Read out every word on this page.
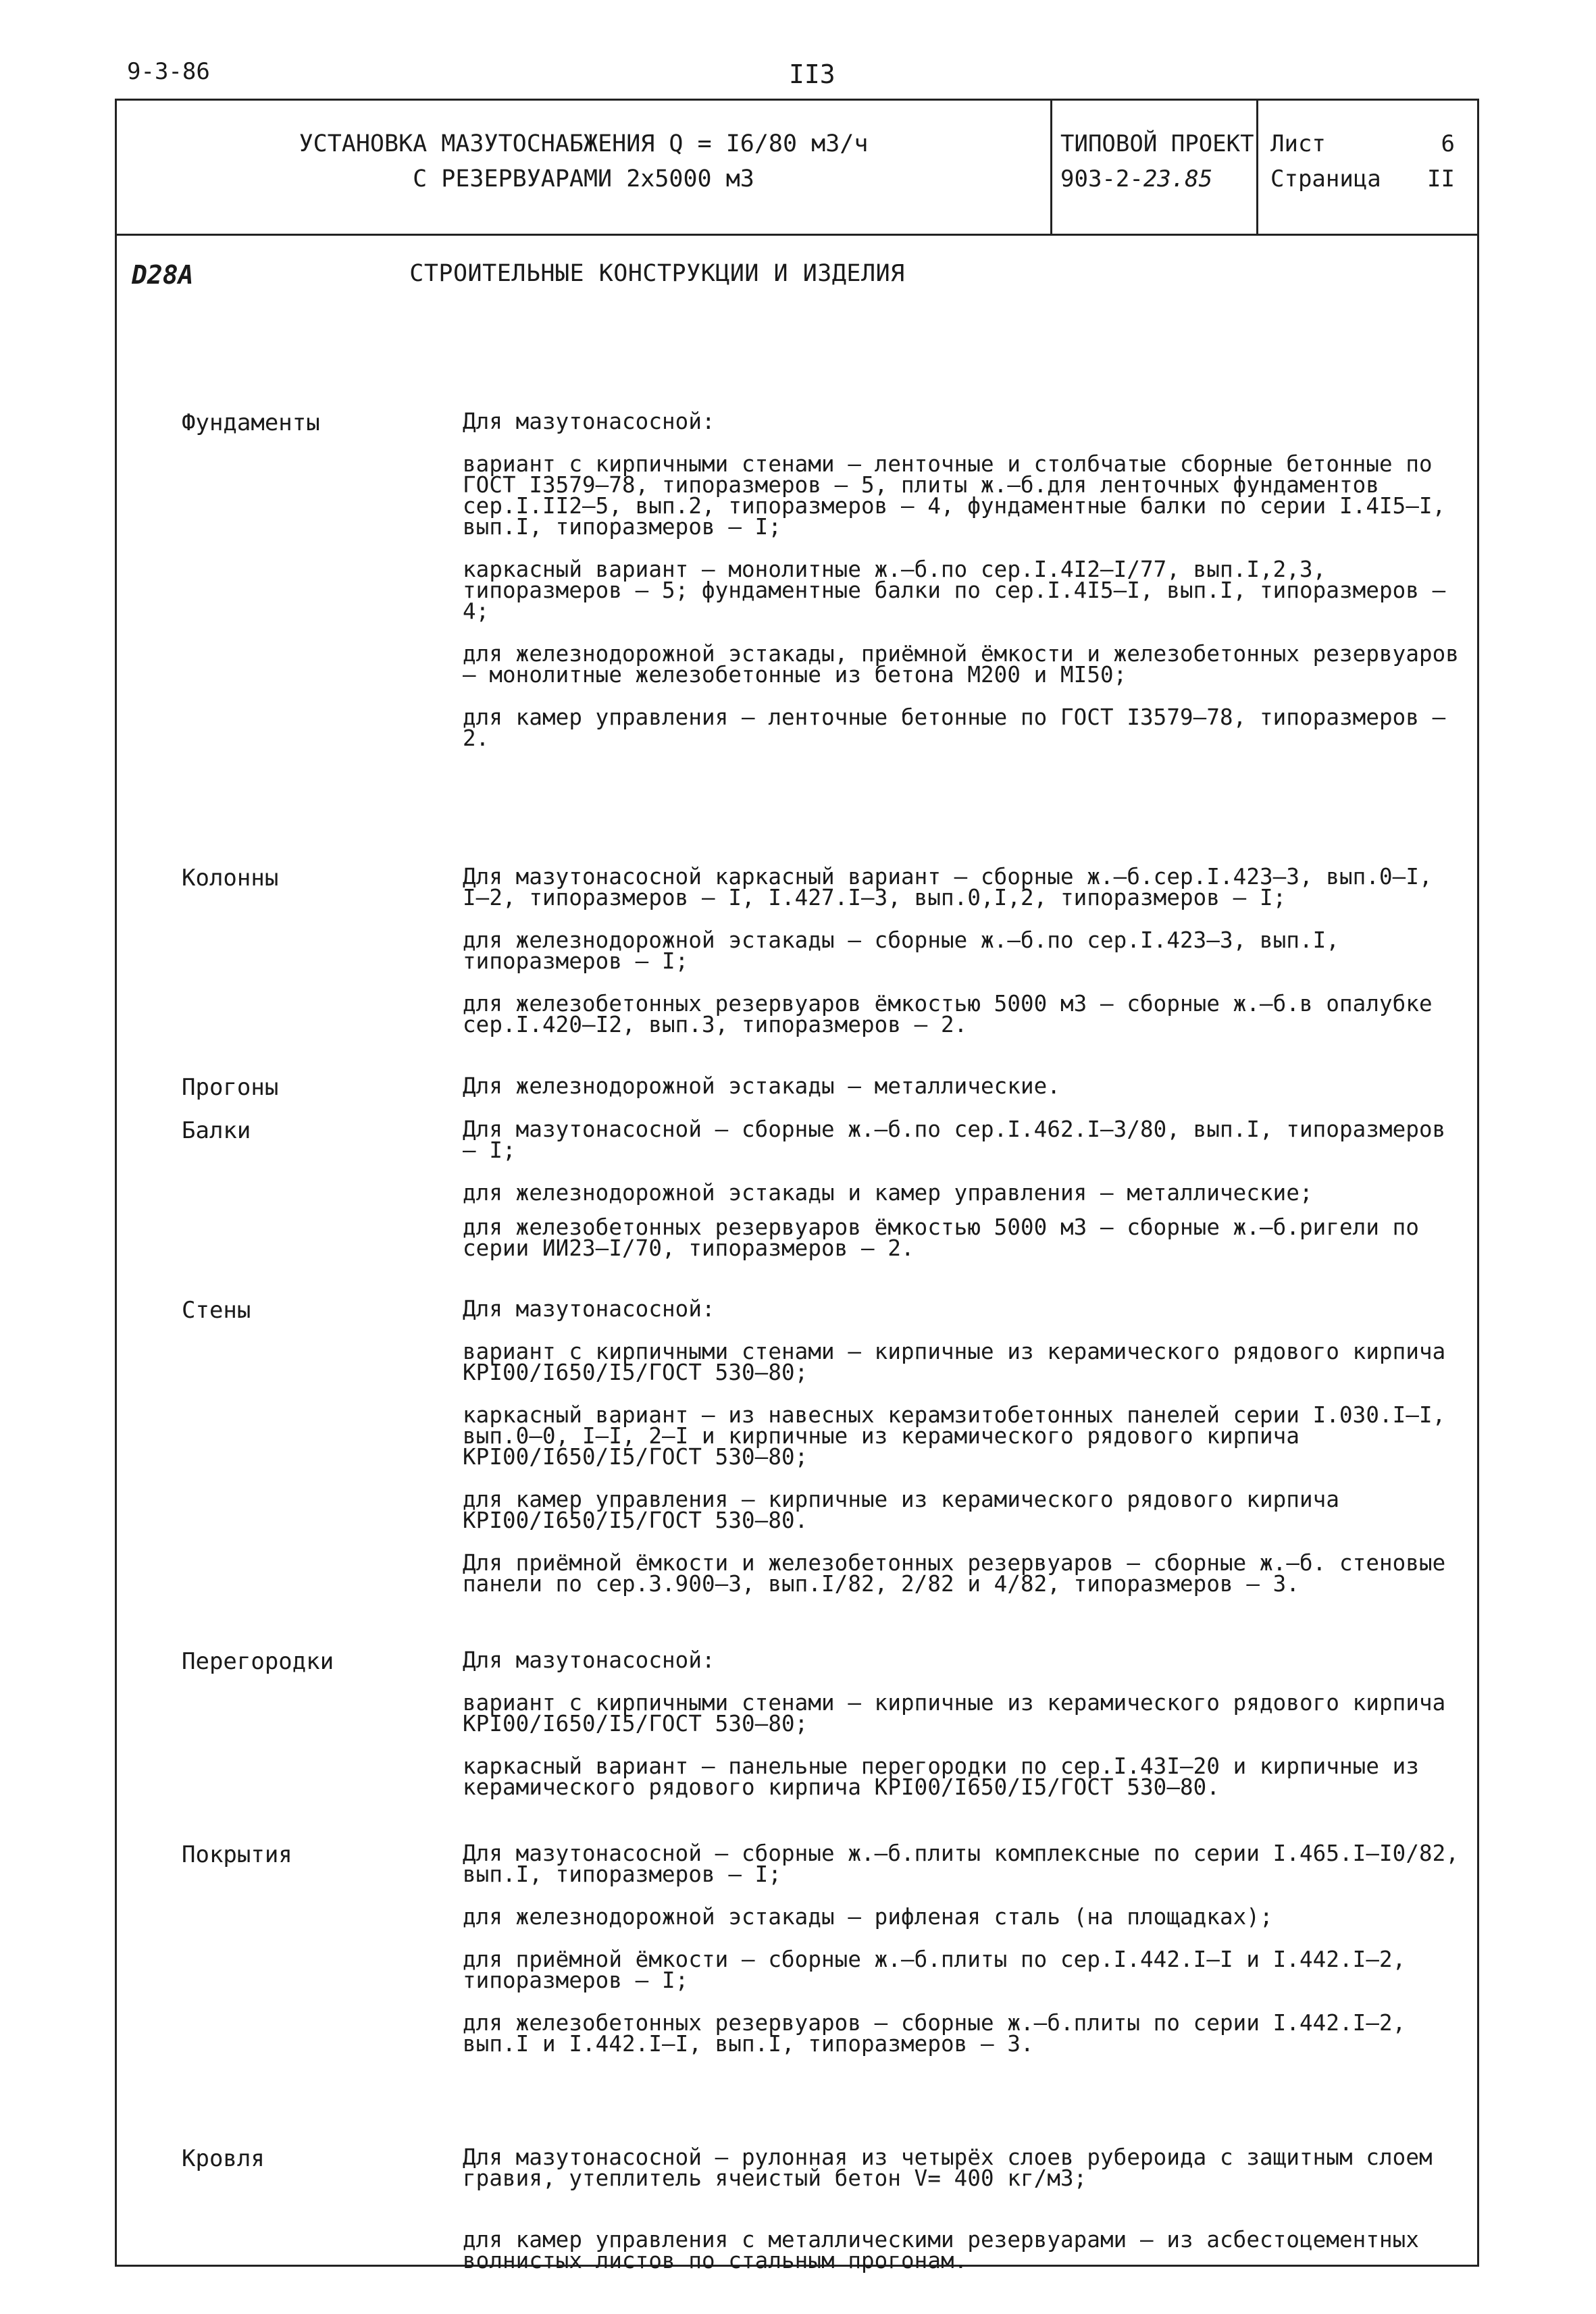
9-3-86	II3
УСТАНОВКА МАЗУТОСНАБЖЕНИЯ Q = I6/80 м3/ч
С РЕЗЕРВУАРАМИ 2х5000 м3
ТИПОВОЙ ПРОЕКТ
903-2-23.85
Лист	6
Страница II
D28A	СТРОИТЕЛЬНЫЕ КОНСТРУКЦИИ И ИЗДЕЛИЯ
Фундаменты	Для мазутонасосной:

вариант с кирпичными стенами – ленточные и столбчатые сборные бетонные по ГОСТ I3579–78, типоразмеров – 5, плиты ж.–б.для ленточных фундаментов сер.I.II2–5, вып.2, типоразмеров – 4, фундаментные балки по серии I.4I5–I, вып.I, типоразмеров – I;

каркасный вариант – монолитные ж.–б.по сер.I.4I2–I/77, вып.I,2,3, типоразмеров – 5; фундаментные балки по сер.I.4I5–I, вып.I, типоразмеров – 4;

для железнодорожной эстакады, приёмной ёмкости и железобетонных резервуаров – монолитные железобетонные из бетона M200 и MI50;

для камер управления – ленточные бетонные по ГОСТ I3579–78, типоразмеров – 2.

Колонны	Для мазутонасосной каркасный вариант – сборные ж.–б.сер.I.423–3, вып.0–I, I–2, типоразмеров – I, I.427.I–3, вып.0,I,2, типоразмеров – I;

для железнодорожной эстакады – сборные ж.–б.по сер.I.423–3, вып.I, типоразмеров – I;

для железобетонных резервуаров ёмкостью 5000 м3 – сборные ж.–б.в опалубке сер.I.420–I2, вып.3, типоразмеров – 2.

Прогоны	Для железнодорожной эстакады – металлические.

Балки	Для мазутонасосной – сборные ж.–б.по сер.I.462.I–3/80, вып.I, типоразмеров – I;

для железнодорожной эстакады и камер управления – металлические;

для железобетонных резервуаров ёмкостью 5000 м3 – сборные ж.–б.ригели по серии ИИ23–I/70, типоразмеров – 2.

Стены	Для мазутонасосной:

вариант с кирпичными стенами – кирпичные из керамического рядового кирпича КРI00/I650/I5/ГОСТ 530–80;

каркасный вариант – из навесных керамзитобетонных панелей серии I.030.I–I, вып.0–0, I–I, 2–I и кирпичные из керамического рядового кирпича КРI00/I650/I5/ГОСТ 530–80;

для камер управления – кирпичные из керамического рядового кирпича КРI00/I650/I5/ГОСТ 530–80.

Для приёмной ёмкости и железобетонных резервуаров – сборные ж.–б. стеновые панели по сер.3.900–3, вып.I/82, 2/82 и 4/82, типоразмеров – 3.

Перегородки	Для мазутонасосной:

вариант с кирпичными стенами – кирпичные из керамического рядового кирпича КРI00/I650/I5/ГОСТ 530–80;

каркасный вариант – панельные перегородки по сер.I.43I–20 и кирпичные из керамического рядового кирпича КРI00/I650/I5/ГОСТ 530–80.

Покрытия	Для мазутонасосной – сборные ж.–б.плиты комплексные по серии I.465.I–I0/82, вып.I, типоразмеров – I;

для железнодорожной эстакады – рифленая сталь (на площадках);

для приёмной ёмкости – сборные ж.–б.плиты по сер.I.442.I–I и I.442.I–2, типоразмеров – I;

для железобетонных резервуаров – сборные ж.–б.плиты по серии I.442.I–2, вып.I и I.442.I–I, вып.I, типоразмеров – 3.

Кровля	Для мазутонасосной – рулонная из четырёх слоев рубероида с защитным слоем гравия, утеплитель ячеистый бетон V= 400 кг/м3;

для камер управления с металлическими резервуарами – из асбестоцементных волнистых листов по стальным прогонам.
